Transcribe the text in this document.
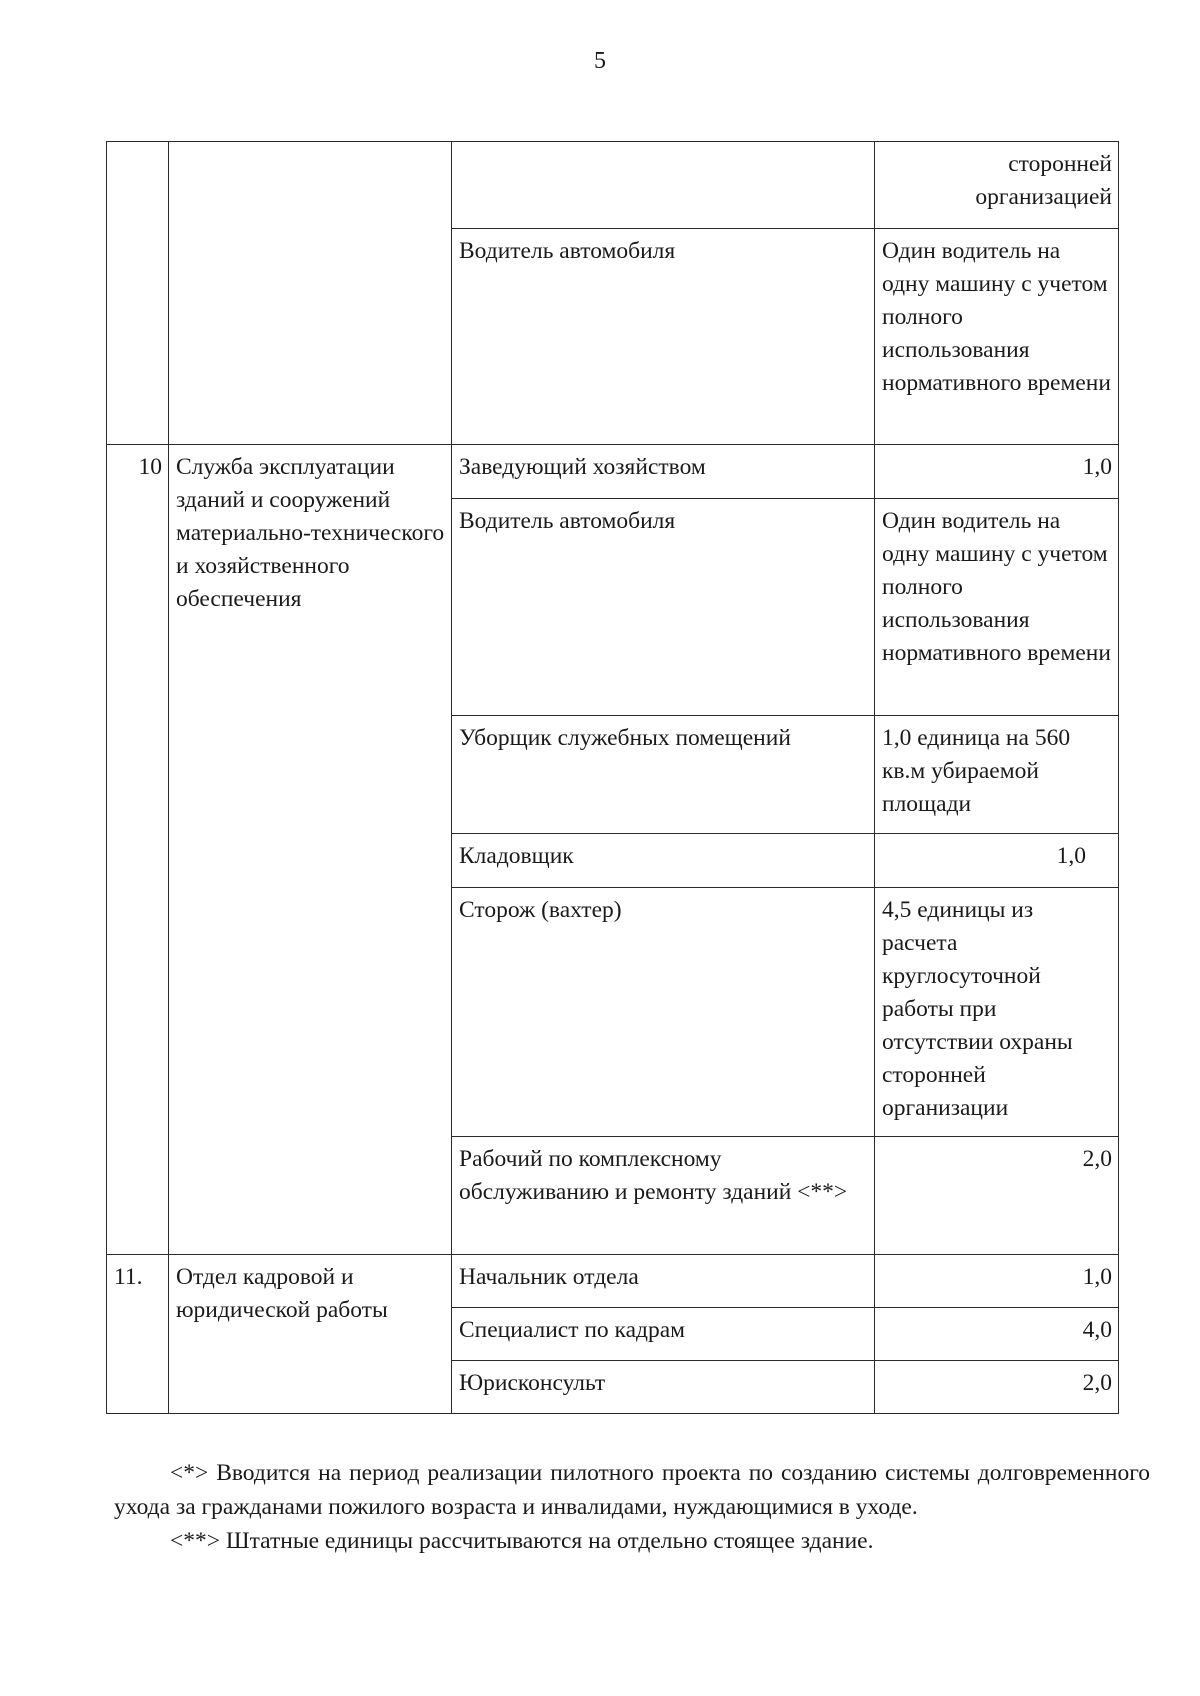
5
			сторонней организацией
		Водитель автомобиля	Один водитель на одну машину с учетом полного использования нормативного времени
10	Служба эксплуатации зданий и сооружений материально-технического и хозяйственного обеспечения	Заведующий хозяйством	1,0
		Водитель автомобиля	Один водитель на одну машину с учетом полного использования нормативного времени
		Уборщик служебных помещений	1,0 единица на 560 кв.м убираемой площади
		Кладовщик	1,0
		Сторож (вахтер)	4,5 единицы из расчета круглосуточной работы при отсутствии охраны сторонней организации
		Рабочий по комплексному обслуживанию и ремонту зданий <**>	2,0
11.	Отдел кадровой и юридической работы	Начальник отдела	1,0
		Специалист по кадрам	4,0
		Юрисконсульт	2,0

<*> Вводится на период реализации пилотного проекта по созданию системы долговременного ухода за гражданами пожилого возраста и инвалидами, нуждающимися в уходе.

<**> Штатные единицы рассчитываются на отдельно стоящее здание.
